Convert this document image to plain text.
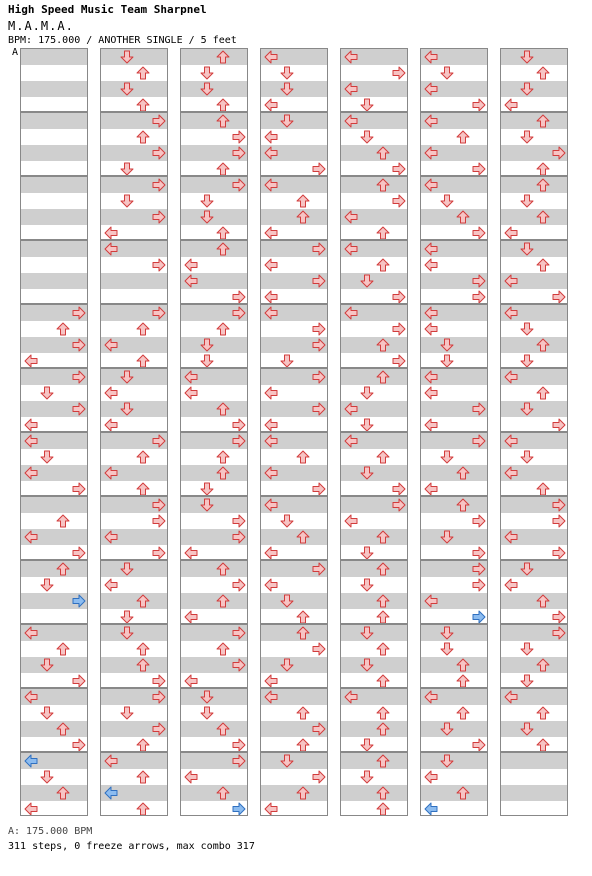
High Speed Music Team Sharpnel
M.A.M.A.
BPM: 175.000 / ANOTHER SINGLE / 5 feet
A
A: 175.000 BPM
311 steps, 0 freeze arrows, max combo 317
